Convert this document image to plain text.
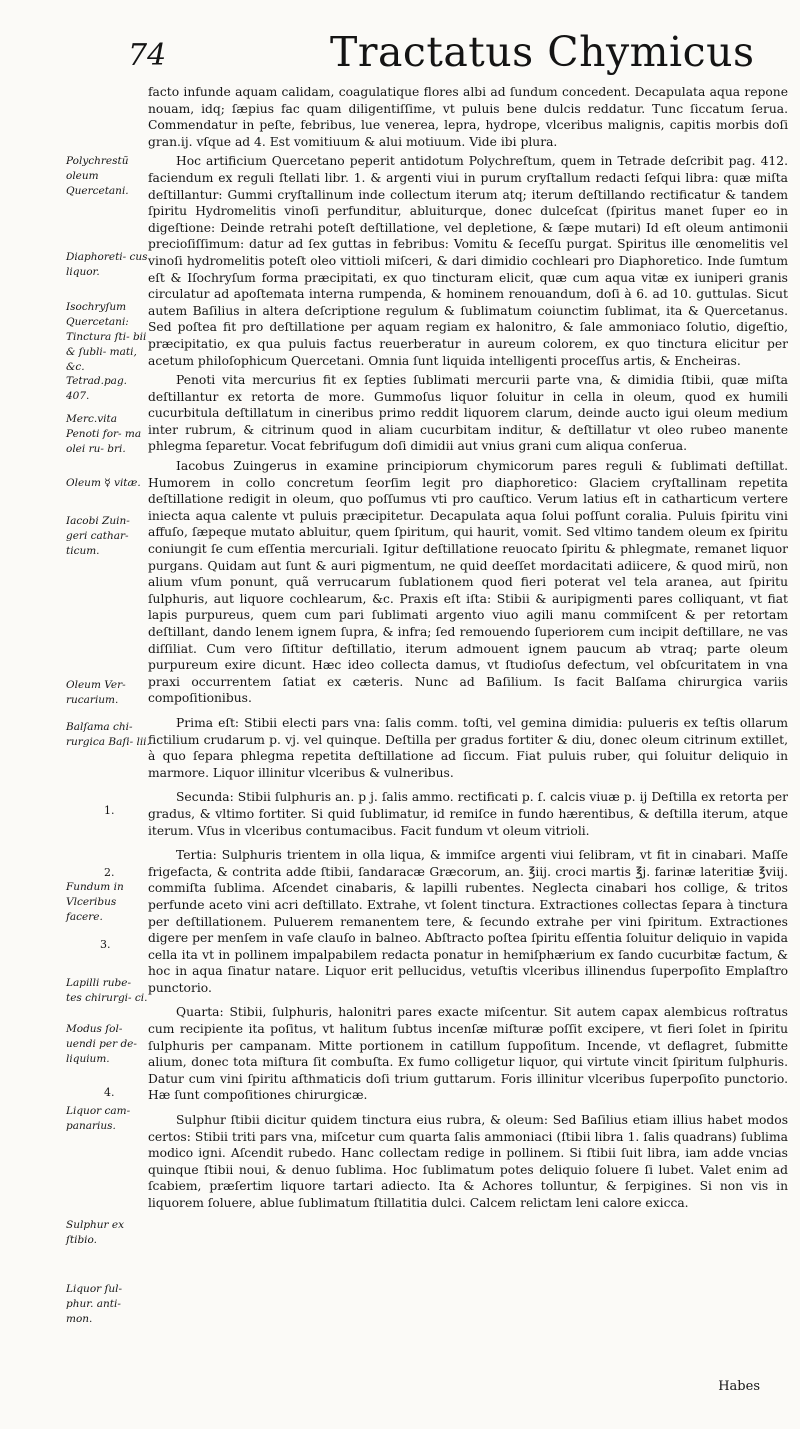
74	Tractatus Chymicus
Polychrestũ oleum Quercetani.
Diaphoreti- cus liquor.
Isochryſum Quercetani: Tinctura ſti- bii & ſubli- mati, &c.
Tetrad.pag. 407.
Merc.vita Penoti for- ma olei ru- bri.
Oleum ☿ vitæ.
Iacobi Zuin- geri cathar- ticum.
Oleum Ver- rucarium.
Balſama chi- rurgica Baſi- lii.
1.
2.
Fundum in Vlceribus facere.
3.
Lapilli rube- tes chirurgi- ci.
Modus ſol- uendi per de- liquium.
4.
Liquor cam- panarius.
Sulphur ex ſtibio.
Liquor ſul- phur. anti- mon.

facto infunde aquam calidam, coagulatique flores albi ad ſundum concedent. Decapulata aqua repone nouam, idq; ſæpius fac quam diligentiſſime, vt puluis bene dulcis reddatur. Tunc ſiccatum ſerua. Commendatur in peſte, febribus, lue venerea, lepra, hydrope, vlceribus malignis, capitis morbis doſi gran.ij. vſque ad 4. Est vomitiuum & alui motiuum. Vide ibi plura.

Hoc artificium Quercetano peperit antidotum Polychreſtum, quem in Tetrade deſcribit pag. 412. faciendum ex reguli ſtellati libr. 1. & argenti viui in purum cryſtallum redacti ſeſqui libra: quæ miſta deſtillantur: Gummi cryſtallinum inde collectum iterum atq; iterum deſtillando rectificatur & tandem ſpiritu Hydromelitis vinoſi perfunditur, abluiturque, donec dulceſcat (ſpiritus manet ſuper eo in digeſtione: Deinde retrahi poteſt deſtillatione, vel depletione, & ſæpe mutari) Id eſt oleum antimonii precioſiſſimum: datur ad ſex guttas in febribus: Vomitu & ſeceſſu purgat. Spiritus ille œnomelitis vel vinoſi hydromelitis poteſt oleo vittioli miſceri, & dari dimidio cochleari pro Diaphoretico. Inde ſumtum eſt & Iſochryſum forma præcipitati, ex quo tincturam elicit, quæ cum aqua vitæ ex iuniperi granis circulatur ad apoſtemata interna rumpenda, & hominem renouandum, doſi à 6. ad 10. guttulas. Sicut autem Baſilius in altera deſcriptione regulum & ſublimatum coiunctim ſublimat, ita & Quercetanus. Sed poſtea fit pro deſtillatione per aquam regiam ex halonitro, & ſale ammoniaco ſolutio, digeſtio, præcipitatio, ex qua puluis factus reuerberatur in aureum colorem, ex quo tinctura elicitur per acetum philoſophicum Quercetani. Omnia ſunt liquida intelligenti proceſſus artis, & Encheiras.

Penoti vita mercurius fit ex ſepties ſublimati mercurii parte vna, & dimidia ſtibii, quæ miſta deſtillantur ex retorta de more. Gummoſus liquor ſoluitur in cella in oleum, quod ex humili cucurbitula deſtillatum in cineribus primo reddit liquorem clarum, deinde aucto igui oleum medium inter rubrum, & citrinum quod in aliam cucurbitam inditur, & deſtillatur vt oleo rubeo manente phlegma ſeparetur. Vocat febrifugum doſi dimidii aut vnius grani cum aliqua conſerua.

Iacobus Zuingerus in examine principiorum chymicorum pares reguli & ſublimati deſtillat. Humorem in collo concretum ſeorſim legit pro diaphoretico: Glaciem cryſtallinam repetita deſtillatione redigit in oleum, quo poſſumus vti pro cauſtico. Verum latius eſt in catharticum vertere iniecta aqua calente vt puluis præcipitetur. Decapulata aqua ſolui poſſunt coralia. Puluis ſpiritu vini affuſo, ſæpeque mutato abluitur, quem ſpiritum, qui haurit, vomit. Sed vltimo tandem oleum ex ſpiritu coniungit ſe cum eſſentia mercuriali. Igitur deſtillatione reuocato ſpiritu & phlegmate, remanet liquor purgans. Quidam aut ſunt & auri pigmentum, ne quid deeſſet mordacitati adiicere, & quod mirũ, non alium vſum ponunt, quã verrucarum ſublationem quod fieri poterat vel tela aranea, aut ſpiritu ſulphuris, aut liquore cochlearum, &c. Praxis eſt iſta: Stibii & auripigmenti pares colliquant, vt fiat lapis purpureus, quem cum pari ſublimati argento viuo agili manu commiſcent & per retortam deſtillant, dando lenem ignem ſupra, & infra; ſed remouendo ſuperiorem cum incipit deſtillare, ne vas diſſiliat. Cum vero ſiſtitur deſtillatio, iterum admouent ignem paucum ab vtraq; parte oleum purpureum exire dicunt. Hæc ideo collecta damus, vt ſtudioſus defectum, vel obſcuritatem in vna praxi occurrentem ſatiat ex cæteris. Nunc ad Baſilium. Is facit Balſama chirurgica variis compoſitionibus.

Prima eſt: Stibii electi pars vna: ſalis comm. toſti, vel gemina dimidia: pulueris ex teſtis ollarum fictilium crudarum p. vj. vel quinque. Deſtilla per gradus fortiter & diu, donec oleum citrinum extillet, à quo ſepara phlegma repetita deſtillatione ad ſiccum. Fiat puluis ruber, qui ſoluitur deliquio in marmore. Liquor illinitur vlceribus & vulneribus.

Secunda: Stibii ſulphuris an. p j. ſalis ammo. rectificati p. ſ. calcis viuæ p. ij Deſtilla ex retorta per gradus, & vltimo fortiter. Si quid ſublimatur, id remiſce in fundo hærentibus, & deſtilla iterum, atque iterum. Vſus in vlceribus contumacibus. Facit fundum vt oleum vitrioli.

Tertia: Sulphuris trientem in olla liqua, & immiſce argenti viui ſelibram, vt fit in cinabari. Maſſe frigefacta, & contrita adde ſtibii, ſandaracæ Græcorum, an. ℥iij. croci martis ℥j. farinæ lateritiæ ℥viij. commiſta ſublima. Aſcendet cinabaris, & lapilli rubentes. Neglecta cinabari hos collige, & tritos perfunde aceto vini acri deſtillato. Extrahe, vt ſolent tinctura. Extractiones collectas ſepara à tinctura per deſtillationem. Puluerem remanentem tere, & ſecundo extrahe per vini ſpiritum. Extractiones digere per menſem in vaſe clauſo in balneo. Abſtracto poſtea ſpiritu eſſentia ſoluitur deliquio in vapida cella ita vt in pollinem impalpabilem redacta ponatur in hemiſphærium ex ſando cucurbitæ factum, & hoc in aqua ſinatur natare. Liquor erit pellucidus, vetuſtis vlceribus illinendus ſuperpoſito Emplaſtro punctorio.

Quarta: Stibii, ſulphuris, halonitri pares exacte miſcentur. Sit autem capax alembicus roſtratus cum recipiente ita poſitus, vt halitum ſubtus incenſæ miſturæ poſſit excipere, vt fieri ſolet in ſpiritu ſulphuris per campanam. Mitte portionem in catillum ſuppoſitum. Incende, vt deflagret, ſubmitte alium, donec tota miſtura ſit combuſta. Ex fumo colligetur liquor, qui virtute vincit ſpiritum ſulphuris. Datur cum vini ſpiritu aſthmaticis doſi trium guttarum. Foris illinitur vlceribus ſuperpoſito punctorio. Hæ ſunt compoſitiones chirurgicæ.

Sulphur ſtibii dicitur quidem tinctura eius rubra, & oleum: Sed Baſilius etiam illius habet modos certos: Stibii triti pars vna, miſcetur cum quarta ſalis ammoniaci (ſtibii libra 1. ſalis quadrans) ſublima modico igni. Aſcendit rubedo. Hanc collectam redige in pollinem. Si ſtibii ſuit libra, iam adde vncias quinque ſtibii noui, & denuo ſublima. Hoc ſublimatum potes deliquio ſoluere ſi lubet. Valet enim ad ſcabiem, præſertim liquore tartari adiecto. Ita & Achores tolluntur, & ſerpigines. Si non vis in liquorem ſoluere, ablue ſublimatum ſtillatitia dulci. Calcem relictam leni calore exicca.

Habes
